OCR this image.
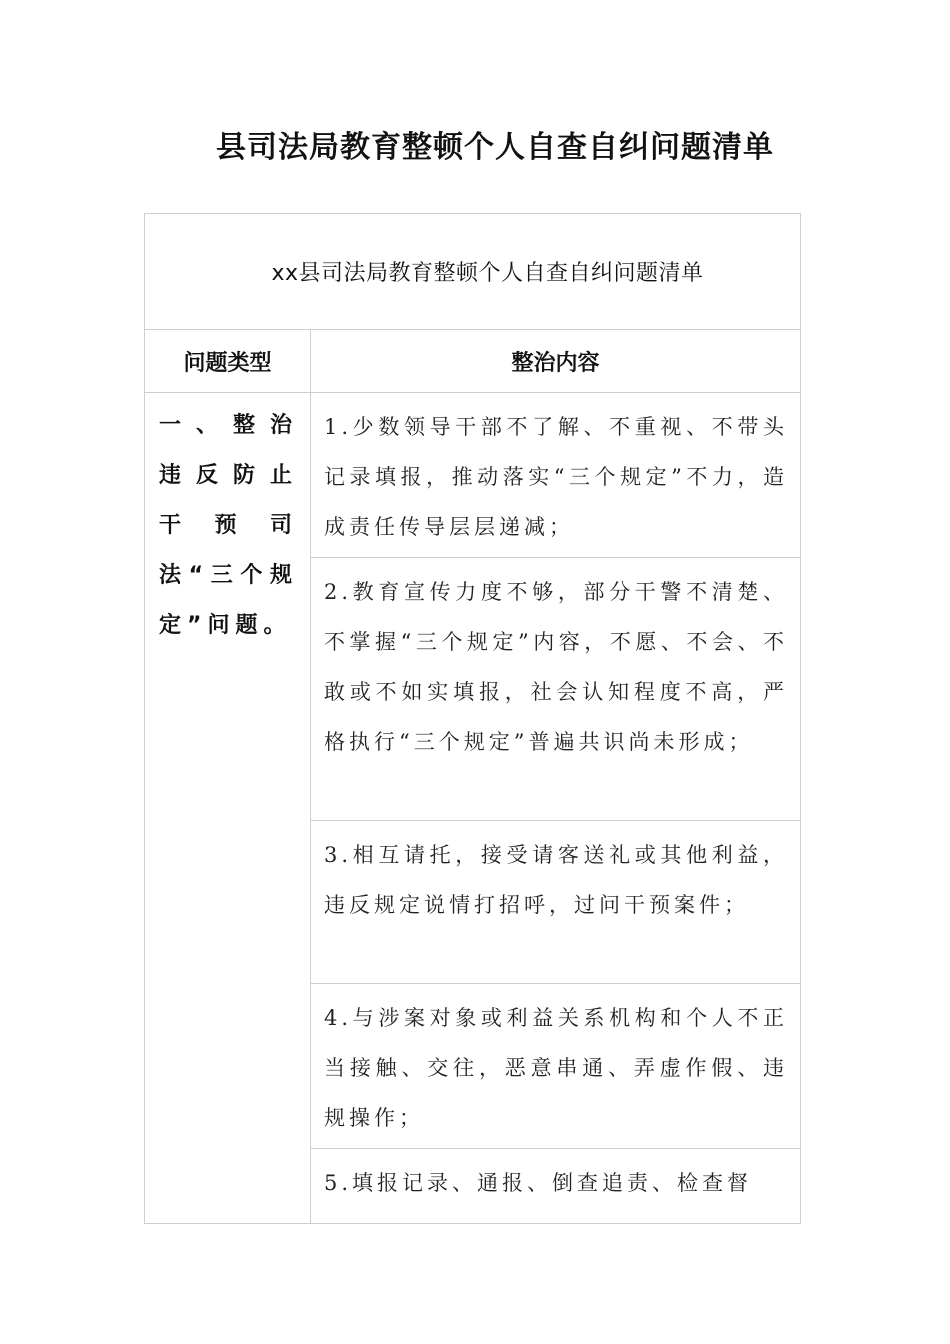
县司法局教育整顿个人自查自纠问题清单
xx县司法局教育整顿个人自查自纠问题清单	
问题类型	整治内容
一、整治违反防止干预司法“三个规定”问题。	1.少数领导干部不了解、不重视、不带头记录填报，推动落实“三个规定”不力，造成责任传导层层递减；
	2.教育宣传力度不够，部分干警不清楚、不掌握“三个规定”内容，不愿、不会、不敢或不如实填报，社会认知程度不高，严格执行“三个规定”普遍共识尚未形成；
	3.相互请托，接受请客送礼或其他利益，违反规定说情打招呼，过问干预案件；
	4.与涉案对象或利益关系机构和个人不正当接触、交往，恶意串通、弄虚作假、违规操作；
	5.填报记录、通报、倒查追责、检查督
